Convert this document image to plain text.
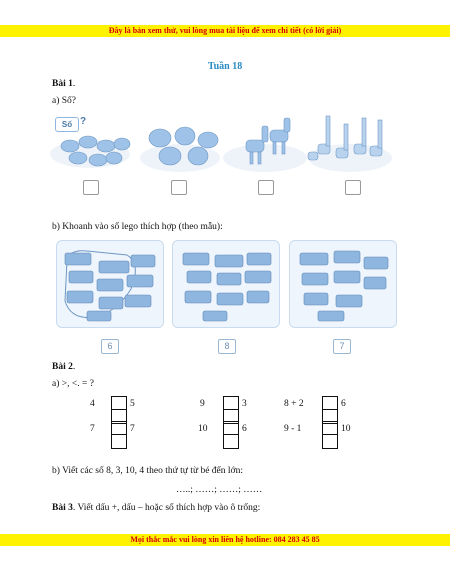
Đây là bản xem thử, vui lòng mua tài liệu để xem chi tiết (có lời giải)
Tuần 18
Bài 1.
a) Số?
Số ?
b) Khoanh vào số lego thích hợp (theo mẫu):
6	8	7
Bài 2.
a) >, <. = ?
4	5	9	3	8 + 2	6
7	7	10	6	9 - 1	10
b) Viết các số 8, 3, 10, 4 theo thứ tự từ bé đến lớn:
…..; ……; ……; ……
Bài 3. Viết dấu +, dấu – hoặc số thích hợp vào ô trống:
Mọi thắc mắc vui lòng xin liên hệ hotline: 084 283 45 85
